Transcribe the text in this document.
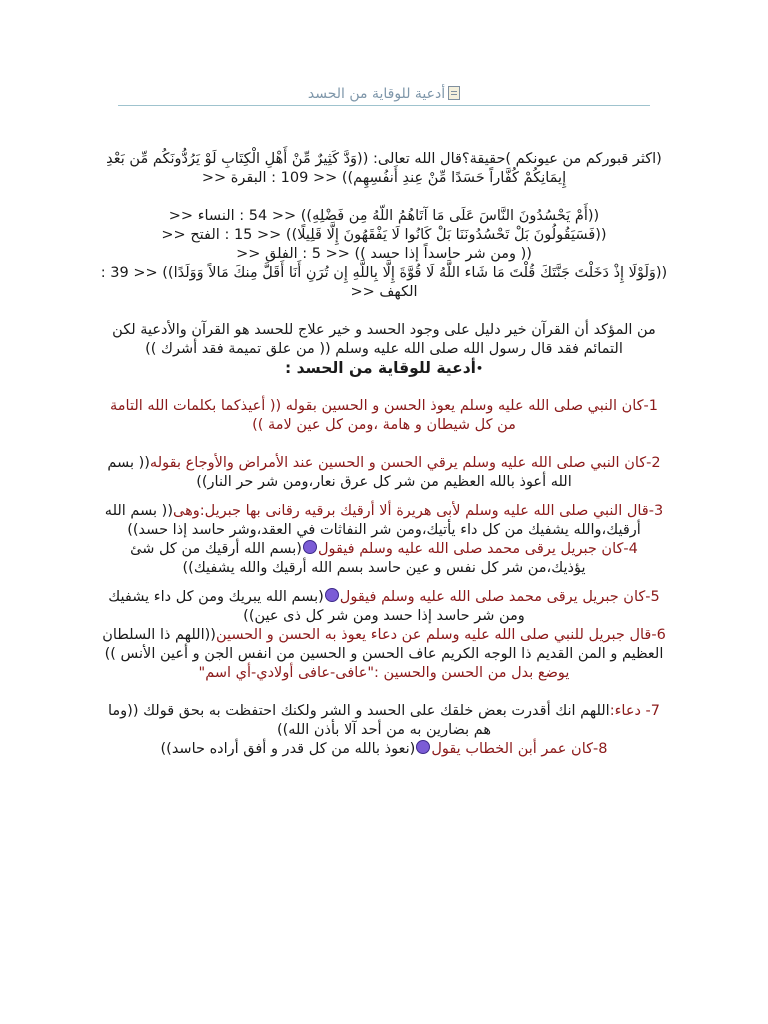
أدعية للوقاية من الحسد

(اكثر قبوركم من عيونكم )حقيقة؟قال الله تعالى: ((وَدَّ كَثِيرٌ مِّنْ أَهْلِ الْكِتَابِ لَوْ يَرُدُّونَكُم مِّن بَعْدِ إِيمَانِكُمْ كُفَّاراً حَسَدًا مِّنْ عِندِ أَنفُسِهِم)) << 109 : البقرة <<

((أَمْ يَحْسُدُونَ النَّاسَ عَلَى مَا آتَاهُمُ اللّهُ مِن فَضْلِهِ)) << 54 : النساء <<

((فَسَيَقُولُونَ بَلْ تَحْسُدُونَنَا بَلْ كَانُوا لَا يَفْقَهُونَ إِلَّا قَلِيلًا)) << 15 : الفتح <<

(( ومن شر حاسداً إذا حسد )) << 5 : الفلق <<

((وَلَوْلَا إِذْ دَخَلْتَ جَنَّتَكَ قُلْتَ مَا شَاء اللَّهُ لَا قُوَّةَ إِلَّا بِاللَّهِ إِن تُرَنِ أَنَا أَقَلَّ مِنكَ مَالاً وَوَلَدًا)) << 39 : الكهف <<

من المؤكد أن القرآن خير دليل على وجود الحسد و خير علاج للحسد هو القرآن والأدعية لكن التمائم فقد قال رسول الله صلى الله عليه وسلم (( من علق تميمة فقد أشرك ))

•أدعية للوقاية من الحسد :

1-كان النبي صلى الله عليه وسلم يعوذ الحسن و الحسين بقوله (( أعيذكما بكلمات الله التامة من كل شيطان و هامة ،ومن كل عين لامة ))

2-كان النبي صلى الله عليه وسلم يرقي الحسن و الحسين عند الأمراض والأوجاع بقوله(( بسم الله أعوذ بالله العظيم من شر كل عرق نعار،ومن شر حر النار))

3-قال النبي صلى الله عليه وسلم لأبى هريرة ألا أرقيك برقيه رقانى بها جبريل:وهى(( بسم الله أرقيك،والله يشفيك من كل داء يأتيك،ومن شر النفاثات في العقد،وشر حاسد إذا حسد))

4-كان جبريل يرقى محمد صلى الله عليه وسلم فيقول(بسم الله أرقيك من كل شئ يؤذيك،من شر كل نفس و عين حاسد بسم الله أرقيك والله يشفيك))

5-كان جبريل يرقى محمد صلى الله عليه وسلم فيقول(بسم الله يبريك ومن كل داء يشفيك ومن شر حاسد إذا حسد ومن شر كل ذى عين))

6-قال جبريل للنبي صلى الله عليه وسلم عن دعاء يعوذ به الحسن و الحسين((اللهم ذا السلطان العظيم و المن القديم ذا الوجه الكريم عاف الحسن و الحسين من انفس الجن و أعين الأنس )) يوضع بدل من الحسن والحسين :"عافى-عافى أولادي-أي اسم"

7- دعاء:اللهم انك أقدرت بعض خلقك على الحسد و الشر ولكنك احتفظت به بحق قولك ((وما هم بضارين به من أحد آلا بأذن الله))

8-كان عمر أبن الخطاب يقول(نعوذ بالله من كل قدر و أفق أراده حاسد))
